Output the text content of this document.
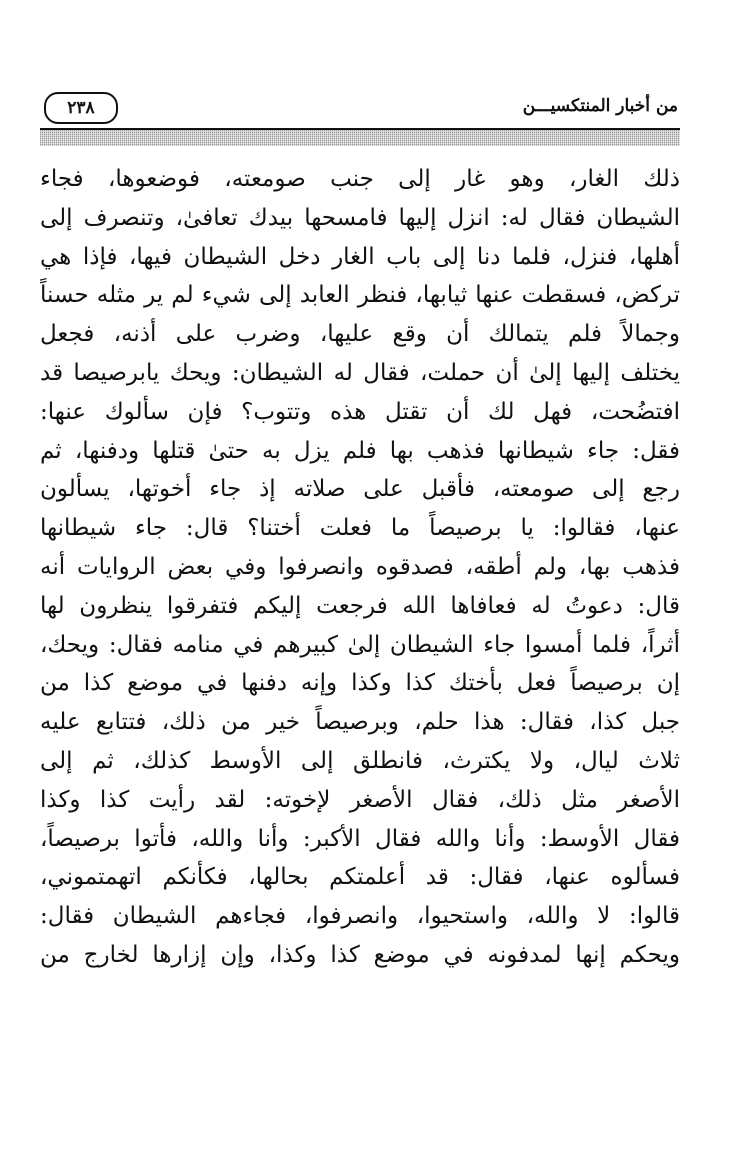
من أخبار المنتكسيـــن
٢٣٨
ذلك الغار، وهو غار إلى جنب صومعته، فوضعوها، فجاء
الشيطان فقال له: انزل إليها فامسحها بيدك تعافىٰ، وتنصرف إلى
أهلها، فنزل، فلما دنا إلى باب الغار دخل الشيطان فيها، فإذا هي
تركض، فسقطت عنها ثيابها، فنظر العابد إلى شيء لم ير مثله حسناً
وجمالاً فلم يتمالك أن وقع عليها، وضرب على أذنه، فجعل
يختلف إليها إلىٰ أن حملت، فقال له الشيطان: ويحك يابرصيصا قد
افتضُحت، فهل لك أن تقتل هذه وتتوب؟ فإن سألوك عنها:
فقل: جاء شيطانها فذهب بها فلم يزل به حتىٰ قتلها ودفنها، ثم
رجع إلى صومعته، فأقبل على صلاته إذ جاء أخوتها، يسألون
عنها، فقالوا: يا برصيصاً ما فعلت أختنا؟ قال: جاء شيطانها
فذهب بها، ولم أطقه، فصدقوه وانصرفوا وفي بعض الروايات أنه
قال: دعوتُ له فعافاها الله فرجعت إليكم فتفرقوا ينظرون لها
أثراً، فلما أمسوا جاء الشيطان إلىٰ كبيرهم في منامه فقال: ويحك،
إن برصيصاً فعل بأختك كذا وكذا وإنه دفنها في موضع كذا من
جبل كذا، فقال: هذا حلم، وبرصيصاً خير من ذلك، فتتابع عليه
ثلاث ليال، ولا يكترث، فانطلق إلى الأوسط كذلك، ثم إلى
الأصغر مثل ذلك، فقال الأصغر لإخوته: لقد رأيت كذا وكذا
فقال الأوسط: وأنا والله فقال الأكبر: وأنا والله، فأتوا برصيصاً،
فسألوه عنها، فقال: قد أعلمتكم بحالها، فكأنكم اتهمتموني،
قالوا: لا والله، واستحيوا، وانصرفوا، فجاءهم الشيطان فقال:
ويحكم إنها لمدفونه في موضع كذا وكذا، وإن إزارها لخارج من
